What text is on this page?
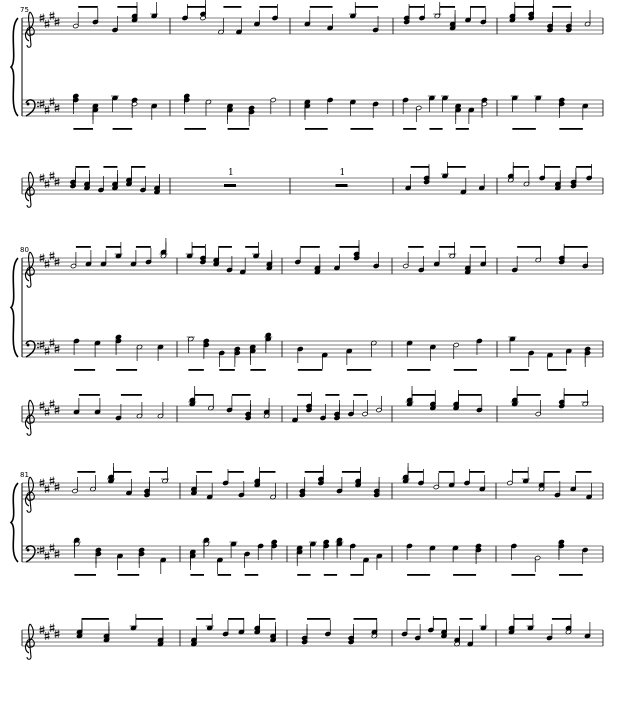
75
1	1
80
81
